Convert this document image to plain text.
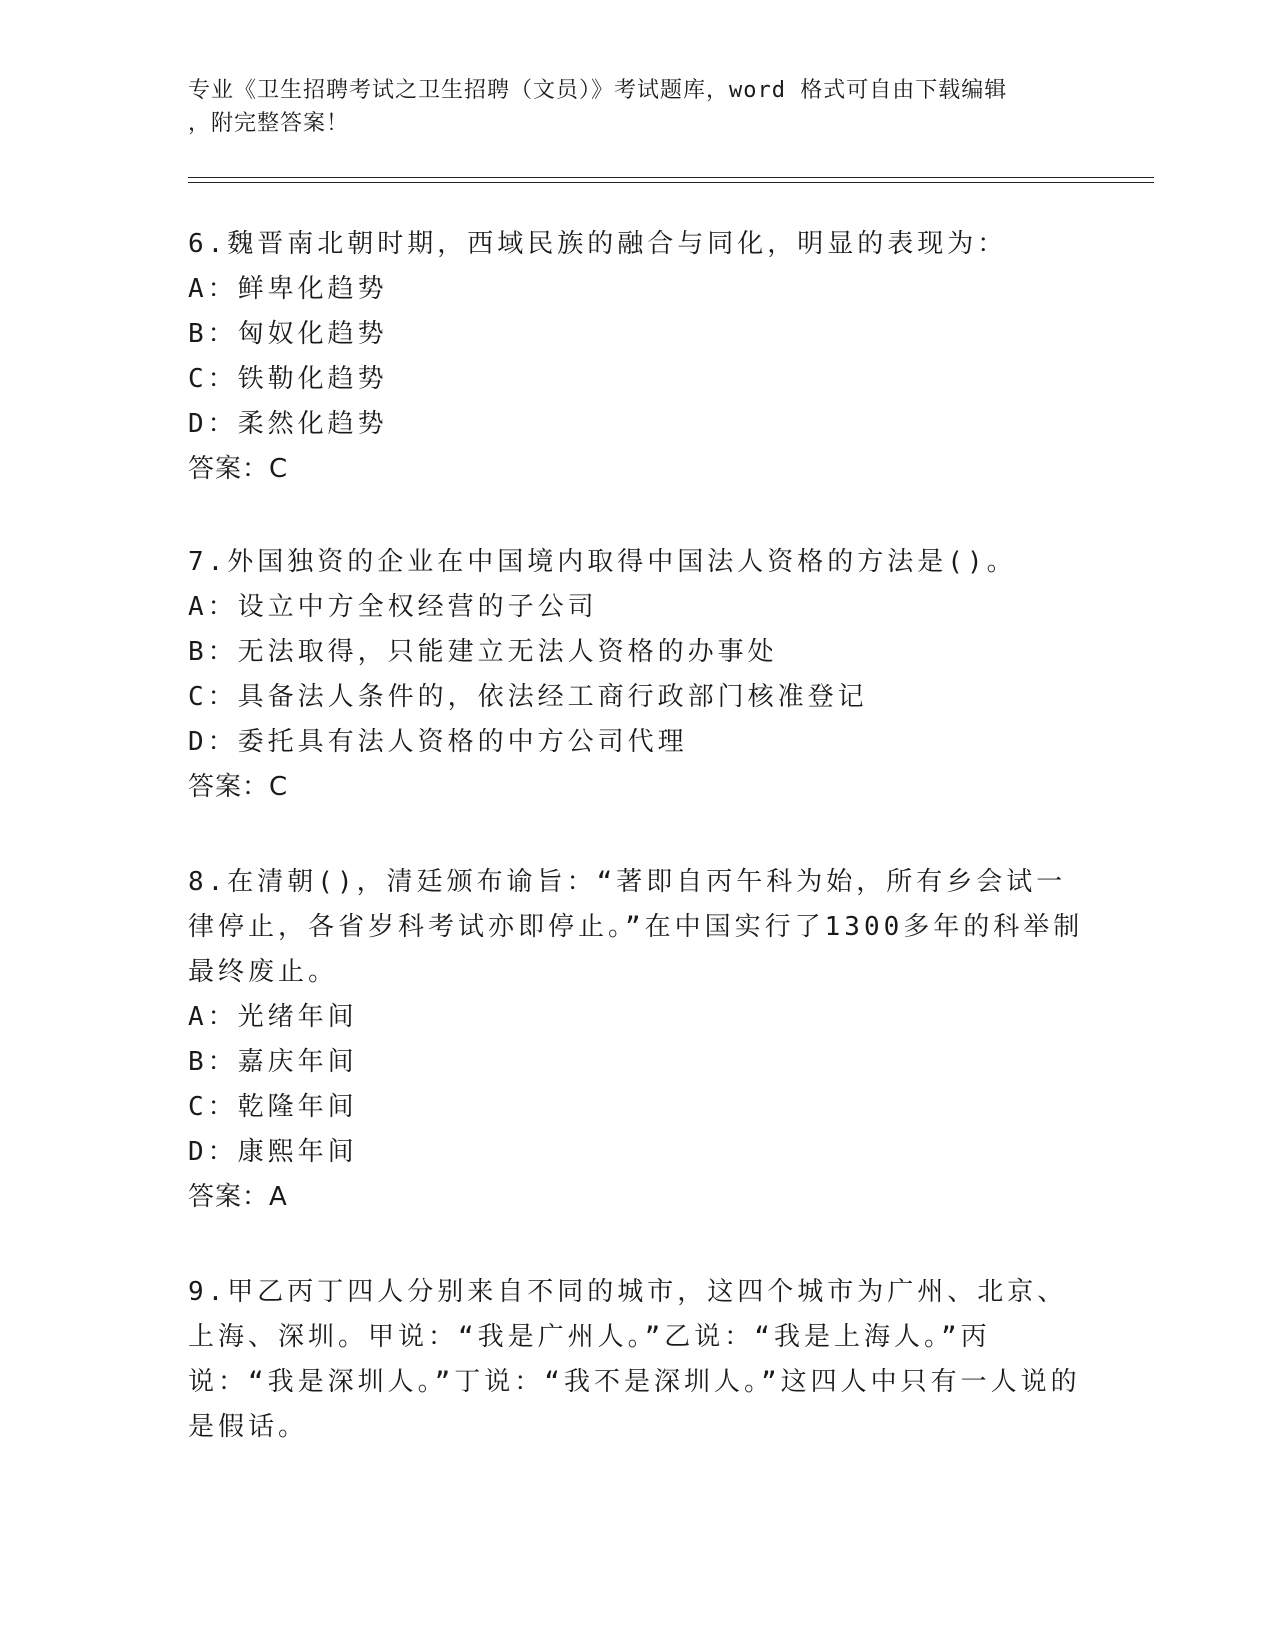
专业《卫生招聘考试之卫生招聘（文员）》考试题库，word 格式可自由下载编辑
，附完整答案！

6.魏晋南北朝时期，西域民族的融合与同化，明显的表现为：

A：鲜卑化趋势

B：匈奴化趋势

C：铁勒化趋势

D：柔然化趋势

答案：C

7.外国独资的企业在中国境内取得中国法人资格的方法是()。

A：设立中方全权经营的子公司

B：无法取得，只能建立无法人资格的办事处

C：具备法人条件的，依法经工商行政部门核准登记

D：委托具有法人资格的中方公司代理

答案：C

8.在清朝()，清廷颁布谕旨：“著即自丙午科为始，所有乡会试一律停止，各省岁科考试亦即停止。”在中国实行了1300多年的科举制最终废止。

A：光绪年间

B：嘉庆年间

C：乾隆年间

D：康熙年间

答案：A

9.甲乙丙丁四人分别来自不同的城市，这四个城市为广州、北京、上海、深圳。甲说：“我是广州人。”乙说：“我是上海人。”丙说：“我是深圳人。”丁说：“我不是深圳人。”这四人中只有一人说的是假话。
